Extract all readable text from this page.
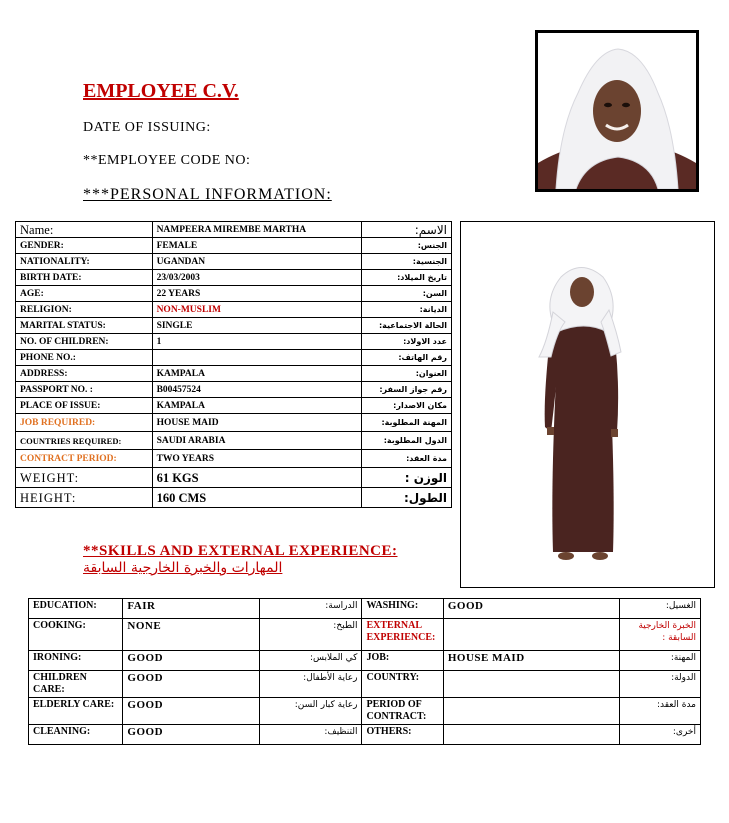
EMPLOYEE C.V.
DATE OF ISSUING:
**EMPLOYEE CODE NO:
***PERSONAL INFORMATION:
Name:	NAMPEERA MIREMBE MARTHA	الاسم:
GENDER:	FEMALE	الجنس:
NATIONALITY:	UGANDAN	الجنسية:
BIRTH DATE:	23/03/2003	تاريخ الميلاد:
AGE:	22 YEARS	السن:
RELIGION:	NON-MUSLIM	الديانة:
MARITAL STATUS:	SINGLE	الحالة الاجتماعية:
NO. OF CHILDREN:	1	عدد الاولاد:
PHONE NO.:		رقم الهاتف:
ADDRESS:	KAMPALA	العنوان:
PASSPORT NO. :	B00457524	رقم جواز السفر:
PLACE OF ISSUE:	KAMPALA	مكان الاصدار:
JOB REQUIRED:	HOUSE MAID	المهنة المطلوبة:
COUNTRIES REQUIRED:	SAUDI ARABIA	الدول المطلوبة:
CONTRACT PERIOD:	TWO YEARS	مدة العقد:
WEIGHT:	61 KGS	الوزن :
HEIGHT:	160 CMS	الطول:
**SKILLS AND EXTERNAL EXPERIENCE:
المهارات والخبرة الخارجية السابقة
EDUCATION:	FAIR	الدراسة:	WASHING:	GOOD	الغسيل:
COOKING:	NONE	الطبخ:	EXTERNAL EXPERIENCE:		الخبرة الخارجية السابقة :
IRONING:	GOOD	كي الملابس:	JOB:	HOUSE MAID	المهنة:
CHILDREN CARE:	GOOD	رعاية الأطفال:	COUNTRY:		الدولة:
ELDERLY CARE:	GOOD	رعاية كبار السن:	PERIOD OF CONTRACT:		مدة العقد:
CLEANING:	GOOD	التنظيف:	OTHERS:		أخرى:
